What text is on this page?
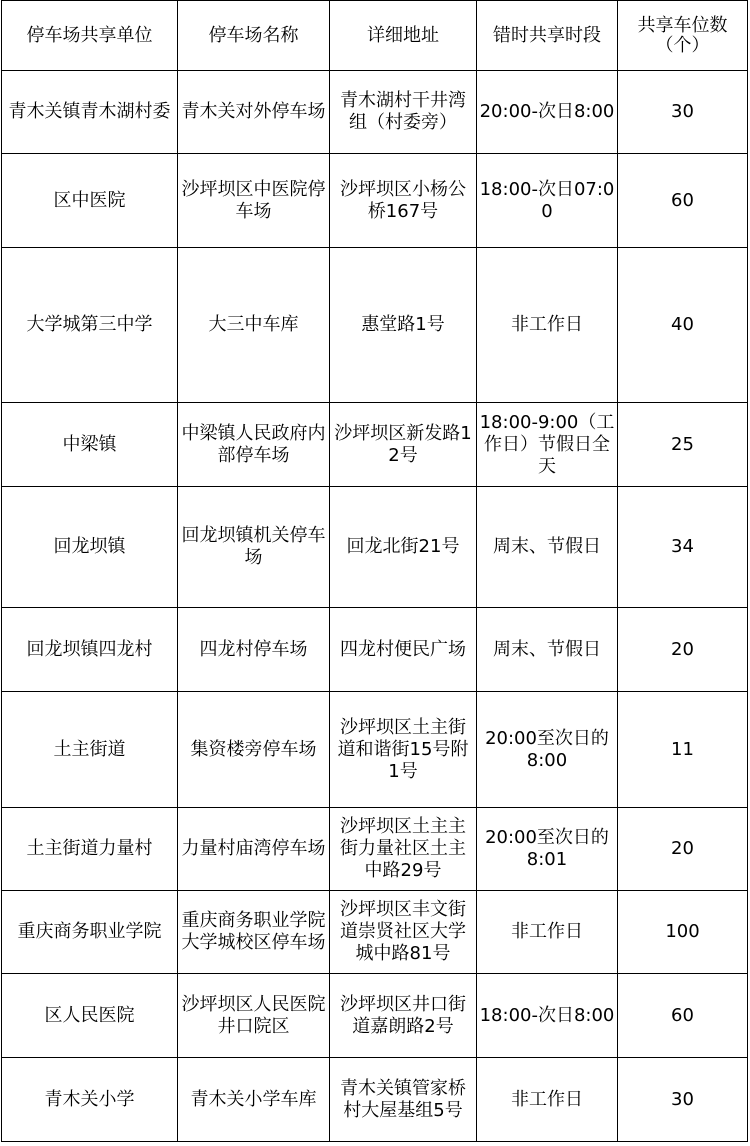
停车场共享单位	停车场名称	详细地址	错时共享时段	共享车位数（个）
青木关镇青木湖村委	青木关对外停车场	青木湖村干井湾组（村委旁）	20:00-次日8:00	30
区中医院	沙坪坝区中医院停车场	沙坪坝区小杨公桥167号	18:00-次日07:00	60
大学城第三中学	大三中车库	惠堂路1号	非工作日	40
中梁镇	中梁镇人民政府内部停车场	沙坪坝区新发路12号	18:00-9:00（工作日）节假日全天	25
回龙坝镇	回龙坝镇机关停车场	回龙北街21号	周末、节假日	34
回龙坝镇四龙村	四龙村停车场	四龙村便民广场	周末、节假日	20
土主街道	集资楼旁停车场	沙坪坝区土主街道和谐街15号附1号	20:00至次日的8:00	11
土主街道力量村	力量村庙湾停车场	沙坪坝区土主主街力量社区土主中路29号	20:00至次日的8:01	20
重庆商务职业学院	重庆商务职业学院大学城校区停车场	沙坪坝区丰文街道崇贤社区大学城中路81号	非工作日	100
区人民医院	沙坪坝区人民医院井口院区	沙坪坝区井口街道嘉朗路2号	18:00-次日8:00	60
青木关小学	青木关小学车库	青木关镇管家桥村大屋基组5号	非工作日	30
